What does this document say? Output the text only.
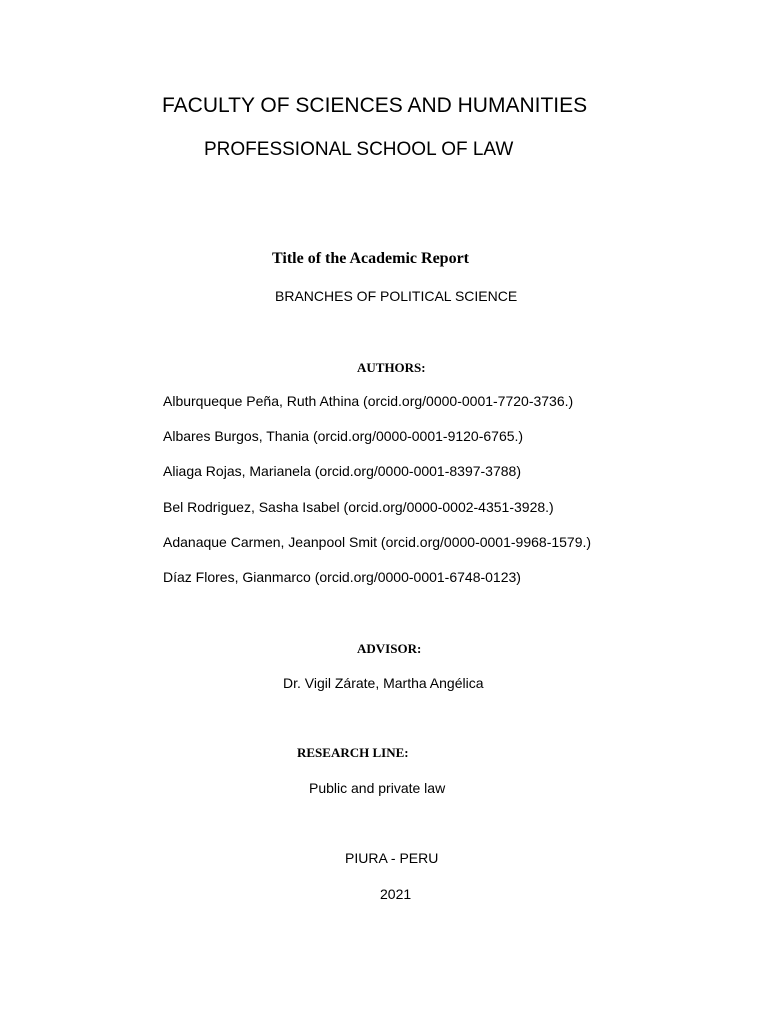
FACULTY OF SCIENCES AND HUMANITIES

PROFESSIONAL SCHOOL OF LAW

Title of the Academic Report

BRANCHES OF POLITICAL SCIENCE

AUTHORS:

Alburqueque Peña, Ruth Athina (orcid.org/0000-0001-7720-3736.)

Albares Burgos, Thania (orcid.org/0000-0001-9120-6765.)

Aliaga Rojas, Marianela (orcid.org/0000-0001-8397-3788)

Bel Rodriguez, Sasha Isabel (orcid.org/0000-0002-4351-3928.)

Adanaque Carmen, Jeanpool Smit (orcid.org/0000-0001-9968-1579.)

Díaz Flores, Gianmarco (orcid.org/0000-0001-6748-0123)

ADVISOR:

Dr. Vigil Zárate, Martha Angélica

RESEARCH LINE:

Public and private law

PIURA - PERU

2021
